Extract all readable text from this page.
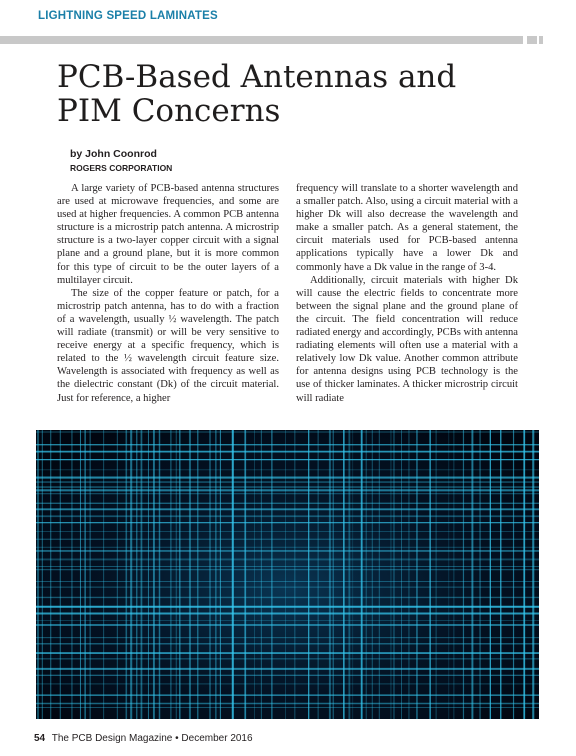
LIGHTNING SPEED LAMINATES
PCB-Based Antennas and
PIM Concerns
by John Coonrod
ROGERS CORPORATION

A large variety of PCB-based antenna structures are used at microwave frequencies, and some are used at higher frequencies. A common PCB antenna structure is a microstrip patch antenna. A microstrip structure is a two-layer copper circuit with a signal plane and a ground plane, but it is more common for this type of circuit to be the outer layers of a multilayer circuit.

The size of the copper feature or patch, for a microstrip patch antenna, has to do with a fraction of a wavelength, usually ½ wavelength. The patch will radiate (transmit) or will be very sensitive to receive energy at a specific frequency, which is related to the ½ wavelength circuit feature size. Wavelength is associated with frequency as well as the dielectric constant (Dk) of the circuit material. Just for reference, a higher

frequency will translate to a shorter wavelength and a smaller patch. Also, using a circuit material with a higher Dk will also decrease the wavelength and make a smaller patch. As a general statement, the circuit materials used for PCB-based antenna applications typically have a lower Dk and commonly have a Dk value in the range of 3-4.

Additionally, circuit materials with higher Dk will cause the electric fields to concentrate more between the signal plane and the ground plane of the circuit. The field concentration will reduce radiated energy and accordingly, PCBs with antenna radiating elements will often use a material with a relatively low Dk value. Another common attribute for antenna designs using PCB technology is the use of thicker laminates. A thicker microstrip circuit will radiate

54 The PCB Design Magazine • December 2016
